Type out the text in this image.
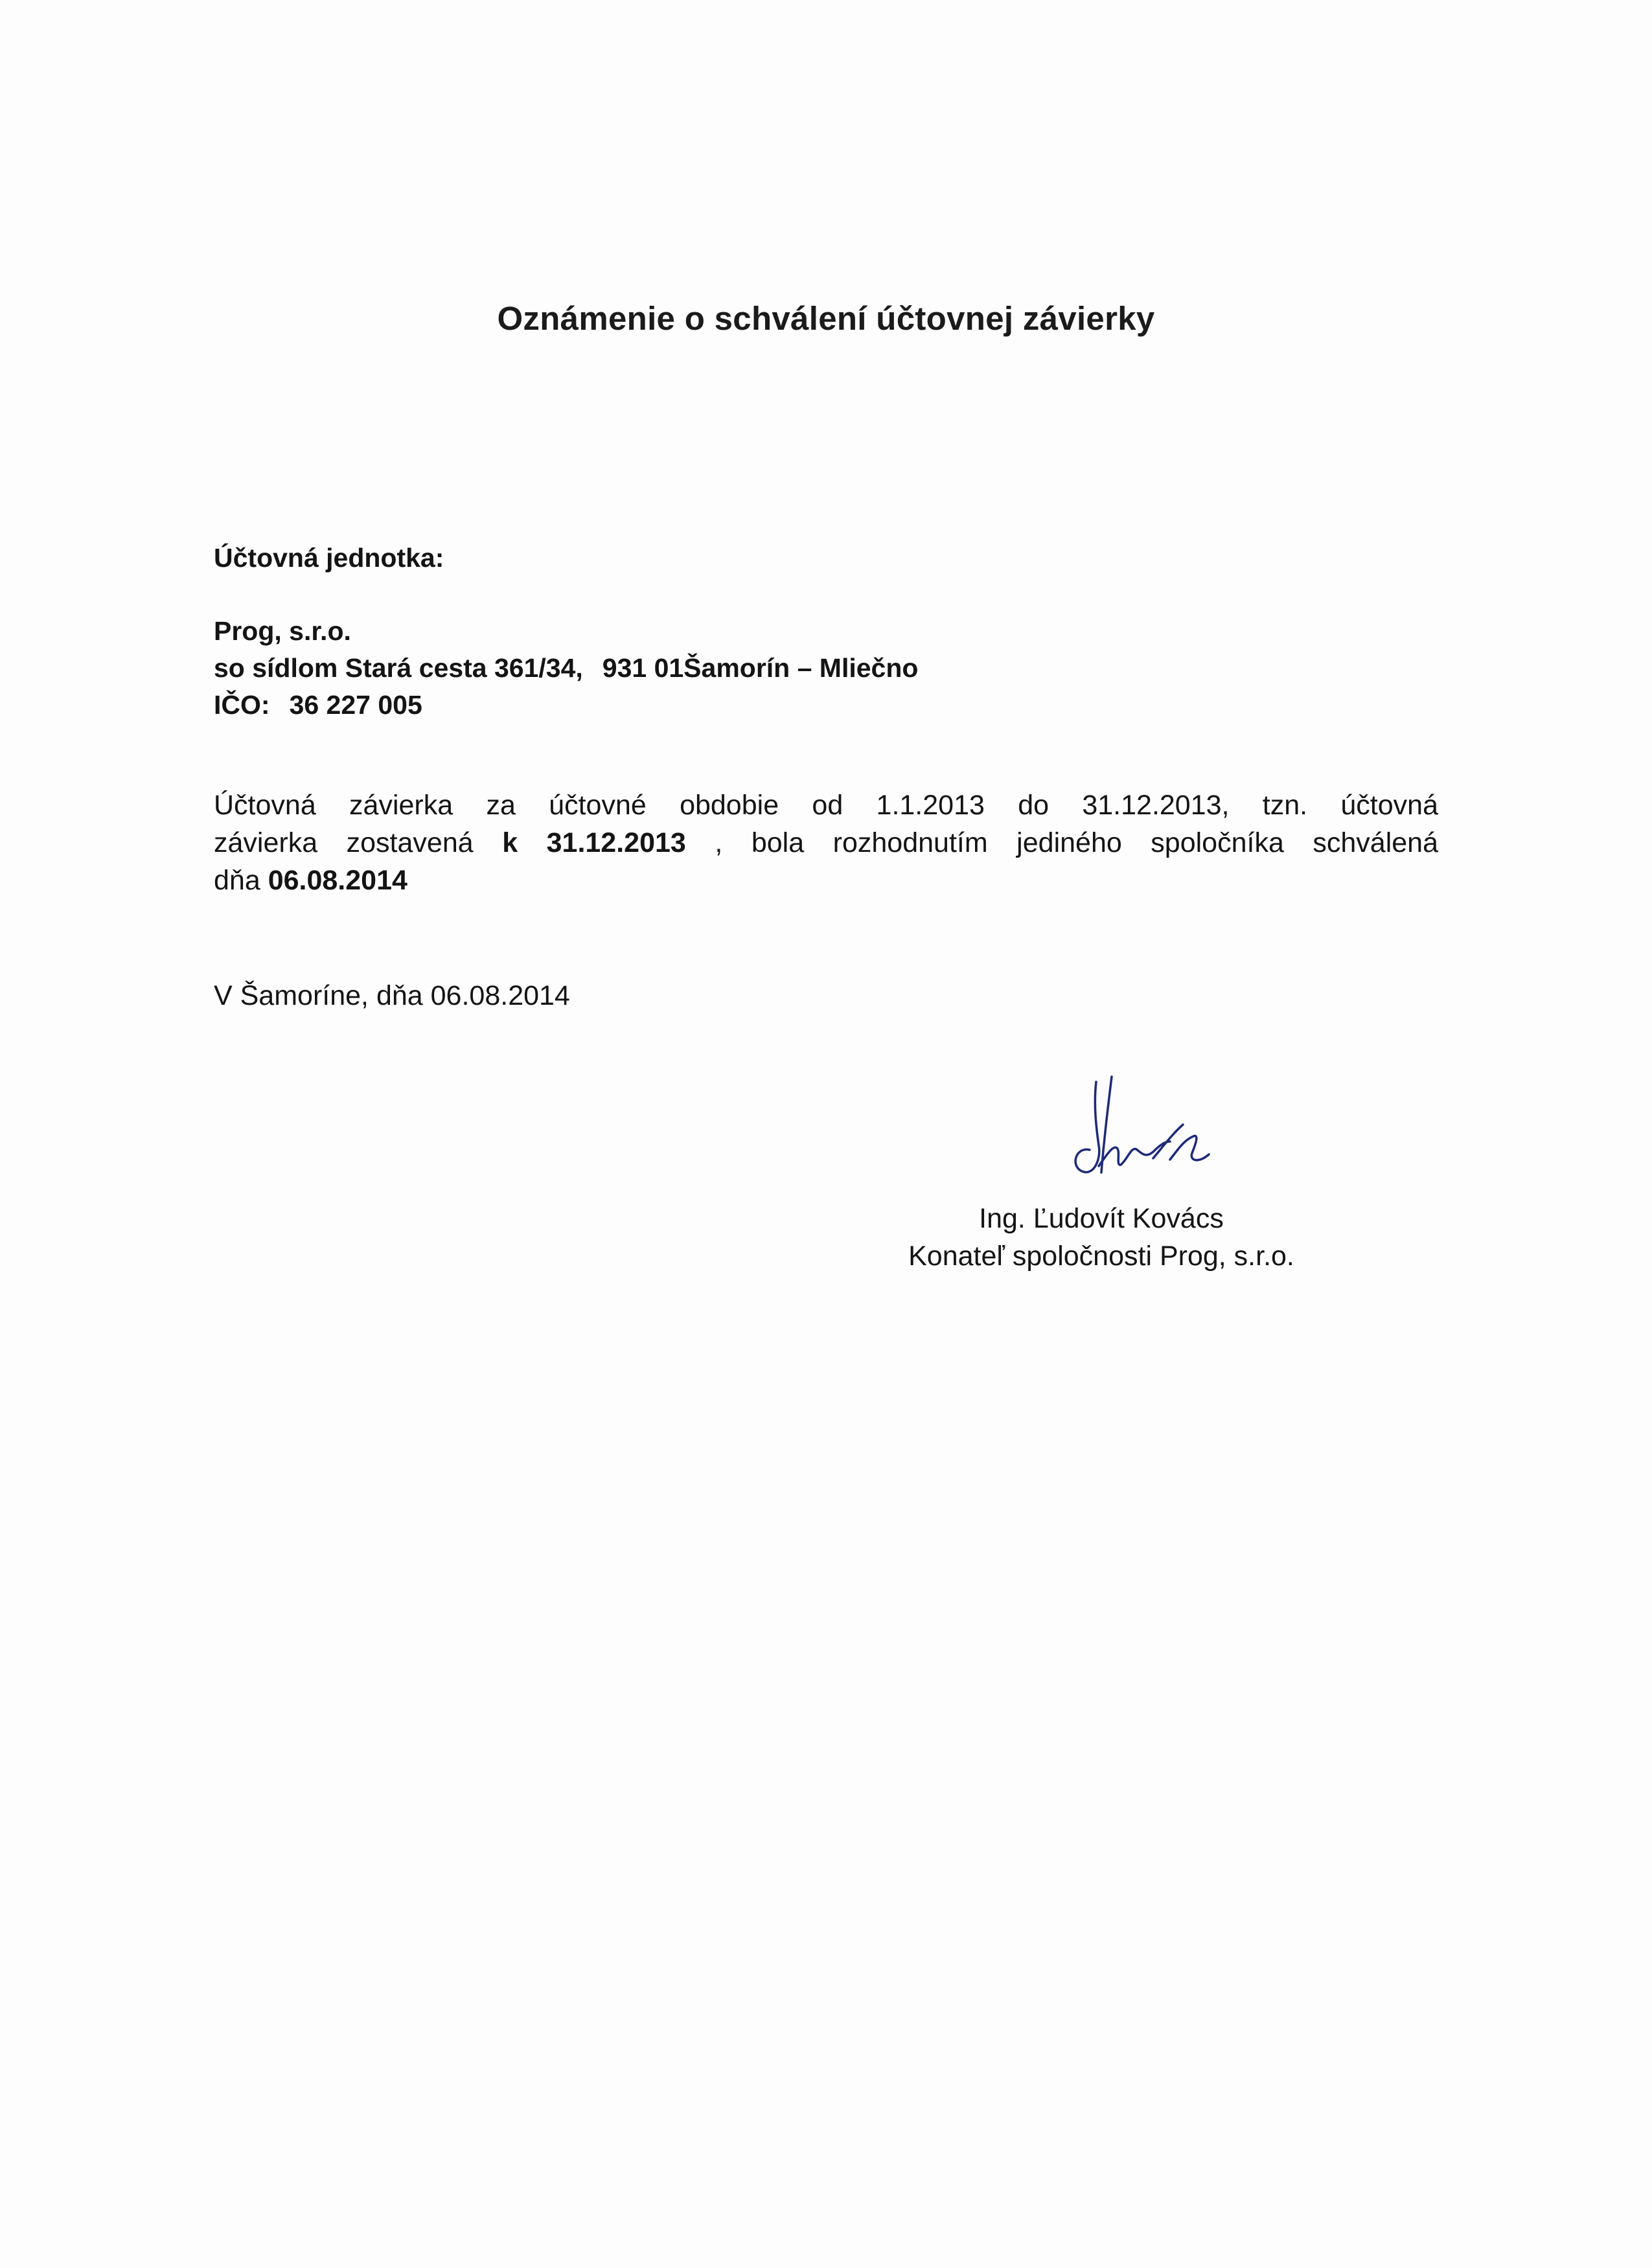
Oznámenie o schválení účtovnej závierky
Účtovná jednotka:
Prog, s.r.o.
so sídlom Stará cesta 361/34, 931 01Šamorín – Mliečno
IČO: 36 227 005
Účtovná závierka za účtovné obdobie od 1.1.2013 do 31.12.2013, tzn. účtovná
závierka zostavená k 31.12.2013 , bola rozhodnutím jediného spoločníka schválená
dňa 06.08.2014
V Šamoríne, dňa 06.08.2014
Ing. Ľudovít Kovács
Konateľ spoločnosti Prog, s.r.o.
